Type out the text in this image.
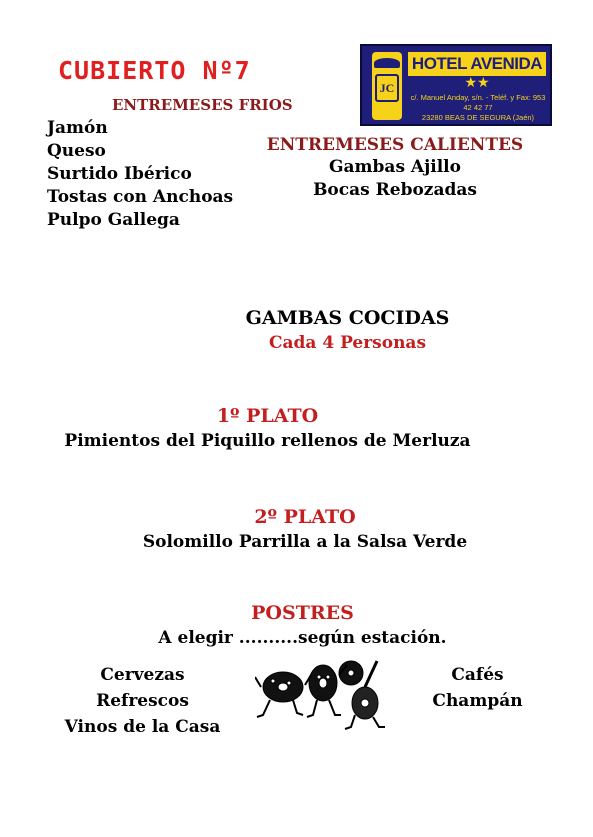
CUBIERTO Nº7
JC
HOTEL AVENIDA
★★
c/. Manuel Anday, s/n. - Teléf. y Fax: 953 42 42 77
23280 BEAS DE SEGURA (Jaén)
ENTREMESES FRIOS
Jamón
Queso
Surtido Ibérico
Tostas con Anchoas
Pulpo Gallega
ENTREMESES CALIENTES
Gambas Ajillo
Bocas Rebozadas
GAMBAS COCIDAS
Cada 4 Personas
1º PLATO
Pimientos del Piquillo rellenos de Merluza
2º PLATO
Solomillo Parrilla a la Salsa Verde
POSTRES
A elegir ..........según estación.
Cervezas
Refrescos
Vinos de la Casa
Cafés
Champán
